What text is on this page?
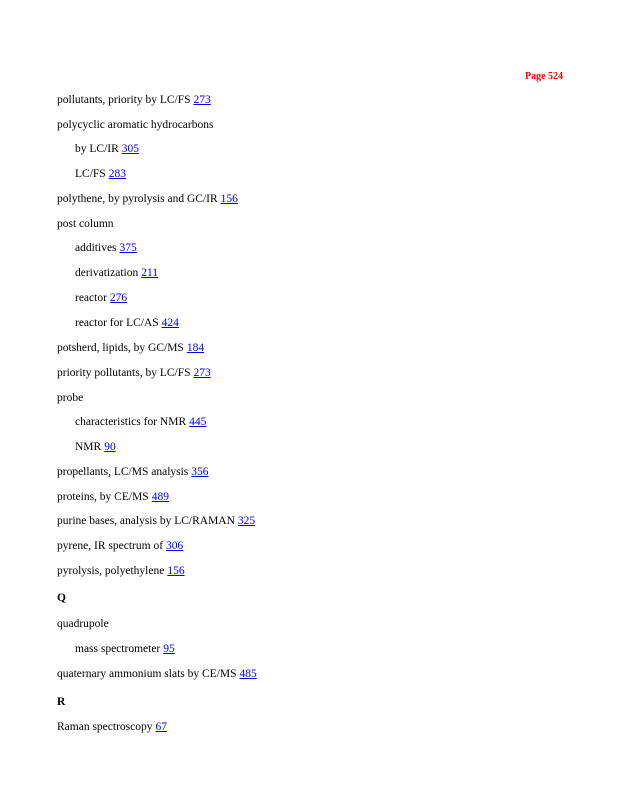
Page 524
pollutants, priority by LC/FS 273
polycyclic aromatic hydrocarbons
by LC/IR 305
LC/FS 283
polythene, by pyrolysis and GC/IR 156
post column
additives 375
derivatization 211
reactor 276
reactor for LC/AS 424
potsherd, lipids, by GC/MS 184
priority pollutants, by LC/FS 273
probe
characteristics for NMR 445
NMR 90
propellants, LC/MS analysis 356
proteins, by CE/MS 489
purine bases, analysis by LC/RAMAN 325
pyrene, IR spectrum of 306
pyrolysis, polyethylene 156
Q
quadrupole
mass spectrometer 95
quaternary ammonium slats by CE/MS 485
R
Raman spectroscopy 67
